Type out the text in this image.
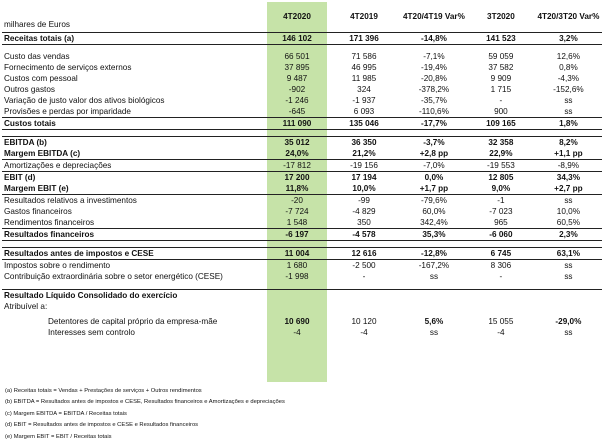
milhares de Euros	4T2020	4T2019	4T20/4T19 Var%	3T2020	4T20/3T20 Var%
Receitas totais (a)	146 102	171 396	-14,8%	141 523	3,2%

Custo das vendas	66 501	71 586	-7,1%	59 059	12,6%
Fornecimento de serviços externos	37 895	46 995	-19,4%	37 582	0,8%
Custos com pessoal	9 487	11 985	-20,8%	9 909	-4,3%
Outros gastos	-902	324	-378,2%	1 715	-152,6%
Variação de justo valor dos ativos biológicos	-1 246	-1 937	-35,7%	-	ss
Provisões e perdas por imparidade	-645	6 093	-110,6%	900	ss
Custos totais	111 090	135 046	-17,7%	109 165	1,8%

EBITDA (b)	35 012	36 350	-3,7%	32 358	8,2%
Margem EBITDA (c)	24,0%	21,2%	+2,8 pp	22,9%	+1,1 pp
Amortizações e depreciações	-17 812	-19 156	-7,0%	-19 553	-8,9%
EBIT (d)	17 200	17 194	0,0%	12 805	34,3%
Margem EBIT (e)	11,8%	10,0%	+1,7 pp	9,0%	+2,7 pp
Resultados relativos a investimentos	-20	-99	-79,6%	-1	ss
Gastos financeiros	-7 724	-4 829	60,0%	-7 023	10,0%
Rendimentos financeiros	1 548	350	342,4%	965	60,5%
Resultados financeiros	-6 197	-4 578	35,3%	-6 060	2,3%

Resultados antes de impostos e CESE	11 004	12 616	-12,8%	6 745	63,1%
Impostos sobre o rendimento	1 680	-2 500	-167,2%	8 306	ss
Contribuição extraordinária sobre o setor energético (CESE)	-1 998	-	ss	-	ss

Resultado Líquido Consolidado do exercício					
Atribuível a:					

Detentores de capital próprio da empresa-mãe	10 690	10 120	5,6%	15 055	-29,0%
Interesses sem controlo	-4	-4	ss	-4	ss

(a) Receitas totais = Vendas + Prestações de serviços + Outros rendimentos

(b) EBITDA = Resultados antes de impostos e CESE, Resultados financeiros e Amortizações e depreciações

(c) Margem EBITDA = EBITDA / Receitas totais

(d) EBIT = Resultados antes de impostos e CESE e Resultados financeiros

(e) Margem EBIT = EBIT / Receitas totais
